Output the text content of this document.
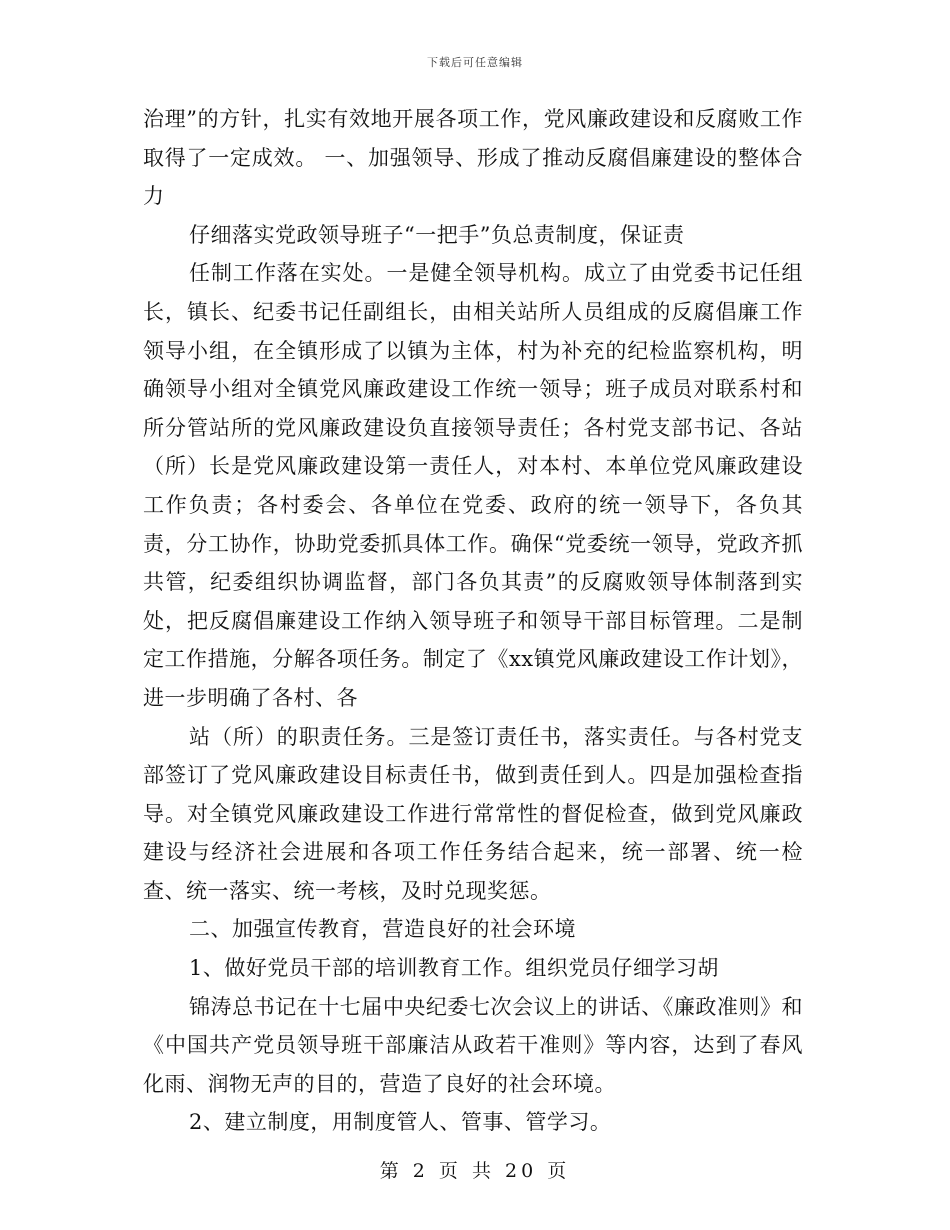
下载后可任意编辑

治理”的方针，扎实有效地开展各项工作，党风廉政建设和反腐败工作取得了一定成效。 一、加强领导、形成了推动反腐倡廉建设的整体合力

仔细落实党政领导班子“一把手”负总责制度，保证责

任制工作落在实处。一是健全领导机构。成立了由党委书记任组长，镇长、纪委书记任副组长，由相关站所人员组成的反腐倡廉工作领导小组，在全镇形成了以镇为主体，村为补充的纪检监察机构，明确领导小组对全镇党风廉政建设工作统一领导；班子成员对联系村和所分管站所的党风廉政建设负直接领导责任；各村党支部书记、各站（所）长是党风廉政建设第一责任人，对本村、本单位党风廉政建设工作负责；各村委会、各单位在党委、政府的统一领导下，各负其责，分工协作，协助党委抓具体工作。确保“党委统一领导，党政齐抓共管，纪委组织协调监督，部门各负其责”的反腐败领导体制落到实处，把反腐倡廉建设工作纳入领导班子和领导干部目标管理。二是制定工作措施，分解各项任务。制定了《xx镇党风廉政建设工作计划》，进一步明确了各村、各

站（所）的职责任务。三是签订责任书，落实责任。与各村党支部签订了党风廉政建设目标责任书，做到责任到人。四是加强检查指导。对全镇党风廉政建设工作进行常常性的督促检查，做到党风廉政建设与经济社会进展和各项工作任务结合起来，统一部署、统一检查、统一落实、统一考核，及时兑现奖惩。

二、加强宣传教育，营造良好的社会环境

1、做好党员干部的培训教育工作。组织党员仔细学习胡

锦涛总书记在十七届中央纪委七次会议上的讲话、《廉政准则》和《中国共产党员领导班干部廉洁从政若干准则》等内容，达到了春风化雨、润物无声的目的，营造了良好的社会环境。

2、建立制度，用制度管人、管事、管学习。

第 2 页 共 20 页
